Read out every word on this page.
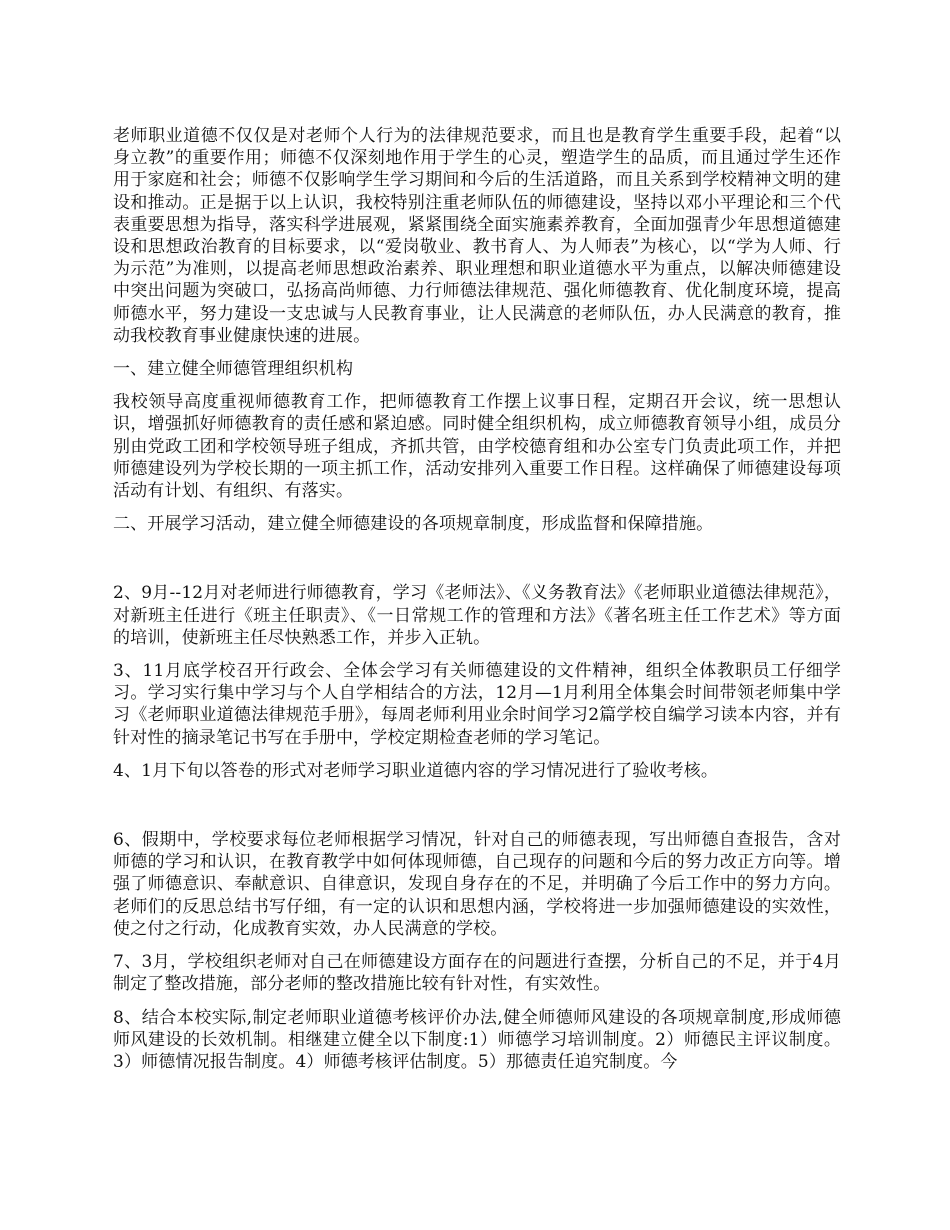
老师职业道德不仅仅是对老师个人行为的法律规范要求，而且也是教育学生重要手段，起着“以身立教”的重要作用；师德不仅深刻地作用于学生的心灵，塑造学生的品质，而且通过学生还作用于家庭和社会；师德不仅影响学生学习期间和今后的生活道路，而且关系到学校精神文明的建设和推动。正是据于以上认识，我校特别注重老师队伍的师德建设，坚持以邓小平理论和三个代表重要思想为指导，落实科学进展观，紧紧围绕全面实施素养教育，全面加强青少年思想道德建设和思想政治教育的目标要求，以“爱岗敬业、教书育人、为人师表”为核心，以“学为人师、行为示范”为准则，以提高老师思想政治素养、职业理想和职业道德水平为重点，以解决师德建设中突出问题为突破口，弘扬高尚师德、力行师德法律规范、强化师德教育、优化制度环境，提高师德水平，努力建设一支忠诚与人民教育事业，让人民满意的老师队伍，办人民满意的教育，推动我校教育事业健康快速的进展。

一、建立健全师德管理组织机构

我校领导高度重视师德教育工作，把师德教育工作摆上议事日程，定期召开会议，统一思想认识，增强抓好师德教育的责任感和紧迫感。同时健全组织机构，成立师德教育领导小组，成员分别由党政工团和学校领导班子组成，齐抓共管，由学校德育组和办公室专门负责此项工作，并把师德建设列为学校长期的一项主抓工作，活动安排列入重要工作日程。这样确保了师德建设每项活动有计划、有组织、有落实。

二、开展学习活动，建立健全师德建设的各项规章制度，形成监督和保障措施。

2、9月--12月对老师进行师德教育，学习《老师法》、《义务教育法》《老师职业道德法律规范》，对新班主任进行《班主任职责》、《一日常规工作的管理和方法》《著名班主任工作艺术》等方面的培训，使新班主任尽快熟悉工作，并步入正轨。

3、11月底学校召开行政会、全体会学习有关师德建设的文件精神，组织全体教职员工仔细学习。学习实行集中学习与个人自学相结合的方法，12月—1月利用全体集会时间带领老师集中学习《老师职业道德法律规范手册》，每周老师利用业余时间学习2篇学校自编学习读本内容，并有针对性的摘录笔记书写在手册中，学校定期检查老师的学习笔记。

4、1月下旬以答卷的形式对老师学习职业道德内容的学习情况进行了验收考核。

6、假期中，学校要求每位老师根据学习情况，针对自己的师德表现，写出师德自查报告，含对师德的学习和认识，在教育教学中如何体现师德，自己现存的问题和今后的努力改正方向等。增强了师德意识、奉献意识、自律意识，发现自身存在的不足，并明确了今后工作中的努力方向。老师们的反思总结书写仔细，有一定的认识和思想内涵，学校将进一步加强师德建设的实效性，使之付之行动，化成教育实效，办人民满意的学校。

7、3月，学校组织老师对自己在师德建设方面存在的问题进行查摆，分析自己的不足，并于4月制定了整改措施，部分老师的整改措施比较有针对性，有实效性。

8、结合本校实际,制定老师职业道德考核评价办法,健全师德师风建设的各项规章制度,形成师德师风建设的长效机制。相继建立健全以下制度:1）师德学习培训制度。2）师德民主评议制度。3）师德情况报告制度。4）师德考核评估制度。5）那德责任追究制度。今
